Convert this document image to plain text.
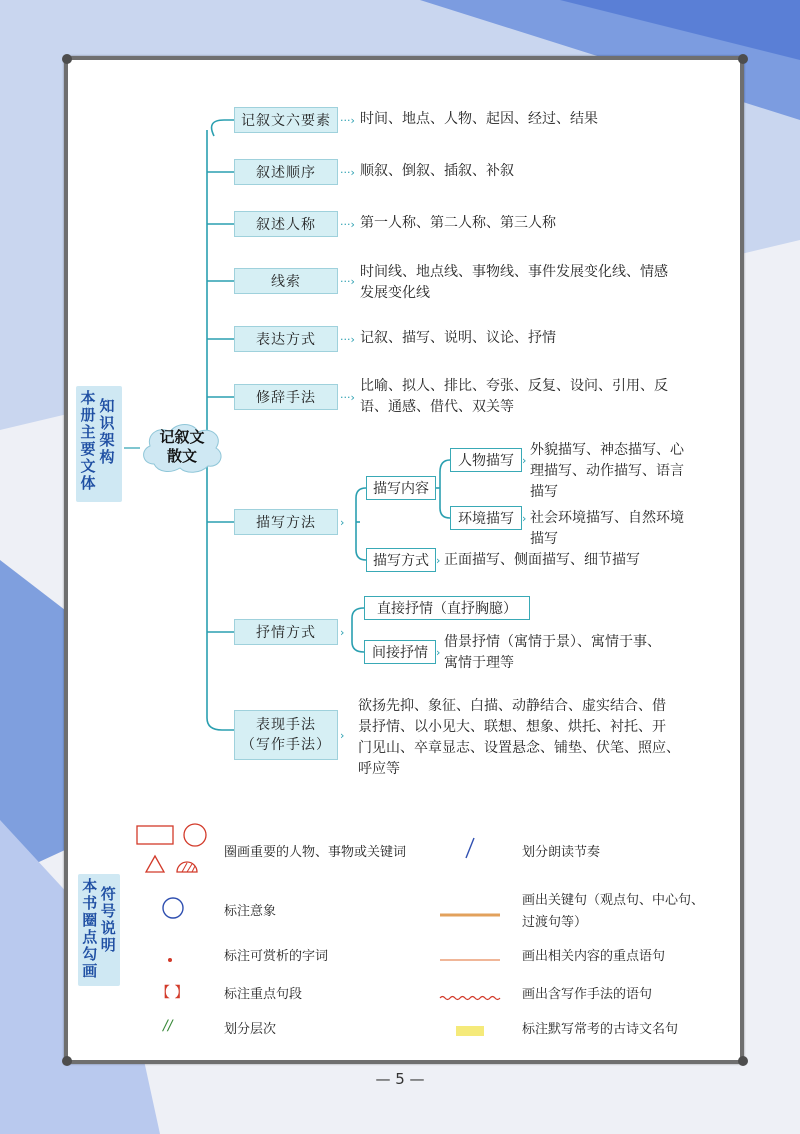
本
册
主
要
文
体
知
识
架
构
记叙文
散文
记叙文六要素 ···› 时间、地点、人物、起因、经过、结果
叙述顺序 ···› 顺叙、倒叙、插叙、补叙
叙述人称 ···› 第一人称、第二人称、第三人称
线索	···›
时间线、地点线、事物线、事件发展变化线、情感
发展变化线
表达方式 ···› 记叙、描写、说明、议论、抒情
修辞手法 ···›
比喻、拟人、排比、夸张、反复、设问、引用、反
语、通感、借代、双关等
描写方法 ›
描写内容
人物描写 ›
外貌描写、神态描写、心
理描写、动作描写、语言
描写
环境描写 › 社会环境描写、自然环境
描写
描写方式 › 正面描写、侧面描写、细节描写
抒情方式 ›
直接抒情（直抒胸臆）
间接抒情 ›
借景抒情（寓情于景）、寓情于事、
寓情于理等
表现手法
（写作手法）
›
欲扬先抑、象征、白描、动静结合、虚实结合、借
景抒情、以小见大、联想、想象、烘托、衬托、开
门见山、卒章显志、设置悬念、铺垫、伏笔、照应、
呼应等
本
书
圈
点
勾
画
符
号
说
明
【 】
//
圈画重要的人物、事物或关键词
标注意象
标注可赏析的字词
标注重点句段
划分层次
划分朗读节奏
画出关键句（观点句、中心句、
过渡句等）
画出相关内容的重点语句
画出含写作手法的语句
标注默写常考的古诗文名句
— 5 —
